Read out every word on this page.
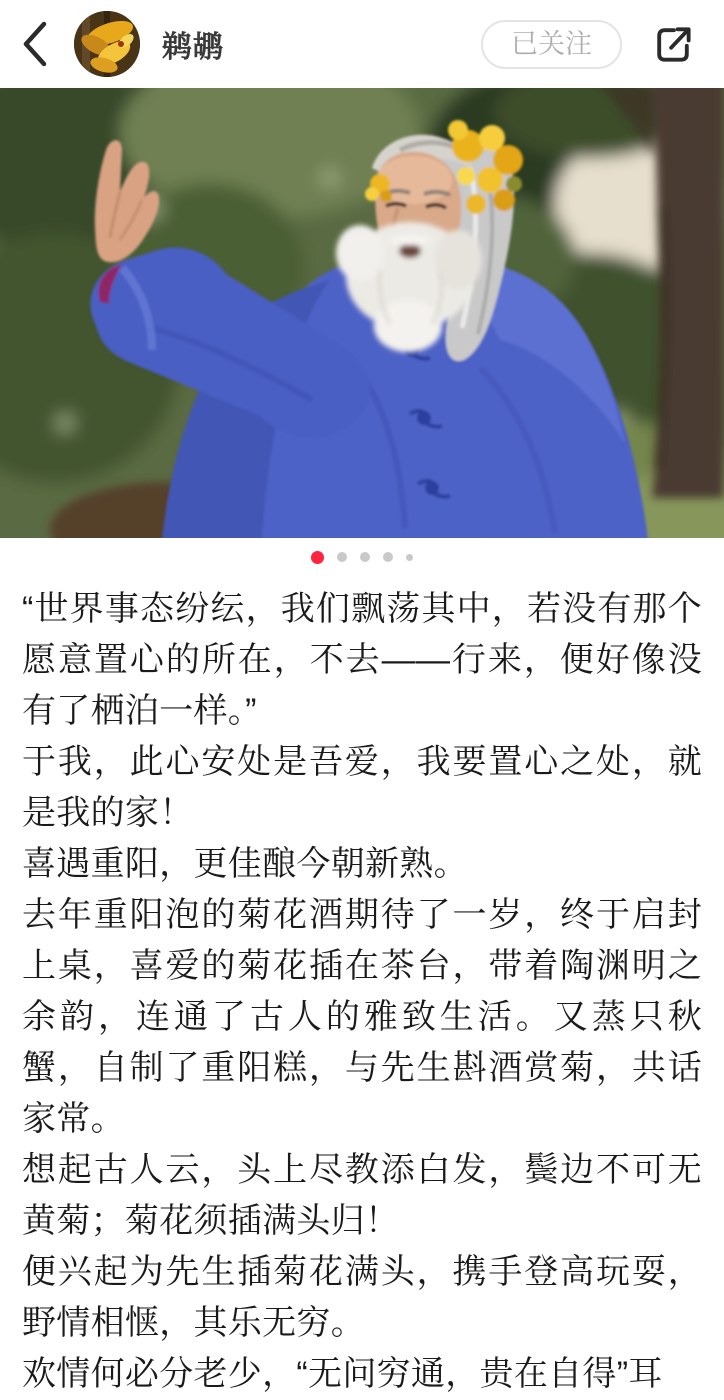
鹈鹕	已关注

“世界事态纷纭，我们飘荡其中，若没有那个愿意置心的所在，不去——行来，便好像没有了栖泊一样。”

于我，此心安处是吾爱，我要置心之处，就是我的家！

喜遇重阳，更佳酿今朝新熟。

去年重阳泡的菊花酒期待了一岁，终于启封上桌，喜爱的菊花插在茶台，带着陶渊明之余韵，连通了古人的雅致生活。又蒸只秋蟹，自制了重阳糕，与先生斟酒赏菊，共话家常。

想起古人云，头上尽教添白发，鬓边不可无黄菊；菊花须插满头归！

便兴起为先生插菊花满头，携手登高玩耍，野情相惬，其乐无穷。

欢情何必分老少，“无问穷通，贵在自得”耳
